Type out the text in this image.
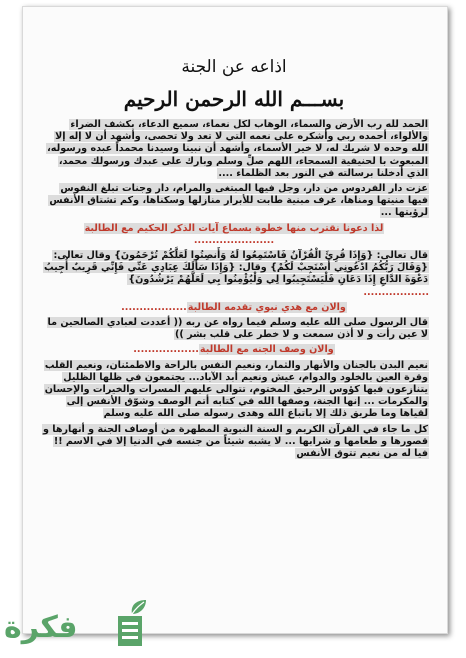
اذاعه عن الجنة
بســـم الله الرحمن الرحيم

الحمد لله رب الأرض والسماء، الوهاب لكل نعماء، سميع الدعاء، بكشف الضراء والألواء، أحمده ربي وأشكره على نعمه التي لا تعد ولا تحصى، وأشهد أن لا إله إلا الله وحده لا شريك له، لا خير الأسماء، وأشهد أن نبينا وسيدنا محمداً عبده ورسوله، المبعوث با لحنيفية السمحاء، اللهم صلِّ وسلم وبارك على عبدك ورسولك محمد، الذي أدخلنا برسالته في النور بعد الظلماء ....

عزت دار الفردوس من دار، وجل فيها المبتغى والمرام، دار وجنات تبلغ النفوس فيها منيتها ومناها، غرف مبنية طابت للأبرار منازلها وسكناها، وكم تشتاق الأنفس لرؤيتها ...

لذا دعونا نقترب منها خطوة بسماع آيات الذكر الحكيم مع الطالبة
......................

قال تعالى: {وَإِذَا قُرِئَ الْقُرْآنُ فَاسْتَمِعُوا لَهُ وَأَنصِتُوا لَعَلَّكُمْ تُرْحَمُونَ} وقال تعالى: {وَقَالَ رَبُّكُمُ ادْعُونِي أَسْتَجِبْ لَكُمْ} وقال: {وَإِذَا سَأَلَكَ عِبَادِي عَنِّي فَإِنِّي قَرِيبٌ أُجِيبُ دَعْوَةَ الدَّاعِ إِذَا دَعَانِ فَلْيَسْتَجِيبُوا لِي وَلْيُؤْمِنُوا بِي لَعَلَّهُمْ يَرْشُدُونَ}
..................

والان مع هدي نبوي تقدمه الطالبة..................

قال الرسول صلى الله عليه وسلم فيما رواه عن ربه (( أعددت لعبادي الصالحين ما لا عين رأت و لا أذن سمعت و لا خطر على قلب بشر ))

والان وصف الجنه مع الطالبة..................

نعيم البدن بالجنان والأنهار والثمار، ونعيم النفس بالراحة والاطمئنان، ونعيم القلب وقرة العين بالخلود والدوام، عيش ونعيم أبد الآباد... يجتمعون في ظلها الظليل يتنازعون فيها كؤوس الرحيق المختوم، تتوالى عليهم المسرات والخيرات والإحسان والمكرمات ... إنها الجنة، وصفها الله في كتابه أتم الوصف وشوّق الأنفس إلى لقياها وما طريق ذلك إلا باتباع الله وهدى رسوله صلى الله عليه وسلم

كل ما جاء في القرآن الكريم و السنة النبوية المطهرة من أوصاف الجنة و أنهارها و قصورها و طعامها و شرابها ... لا يشبه شيئاً من جنسه في الدنيا إلا في الاسم !! فيا له من نعيم تتوق الأنفس

فكرة
